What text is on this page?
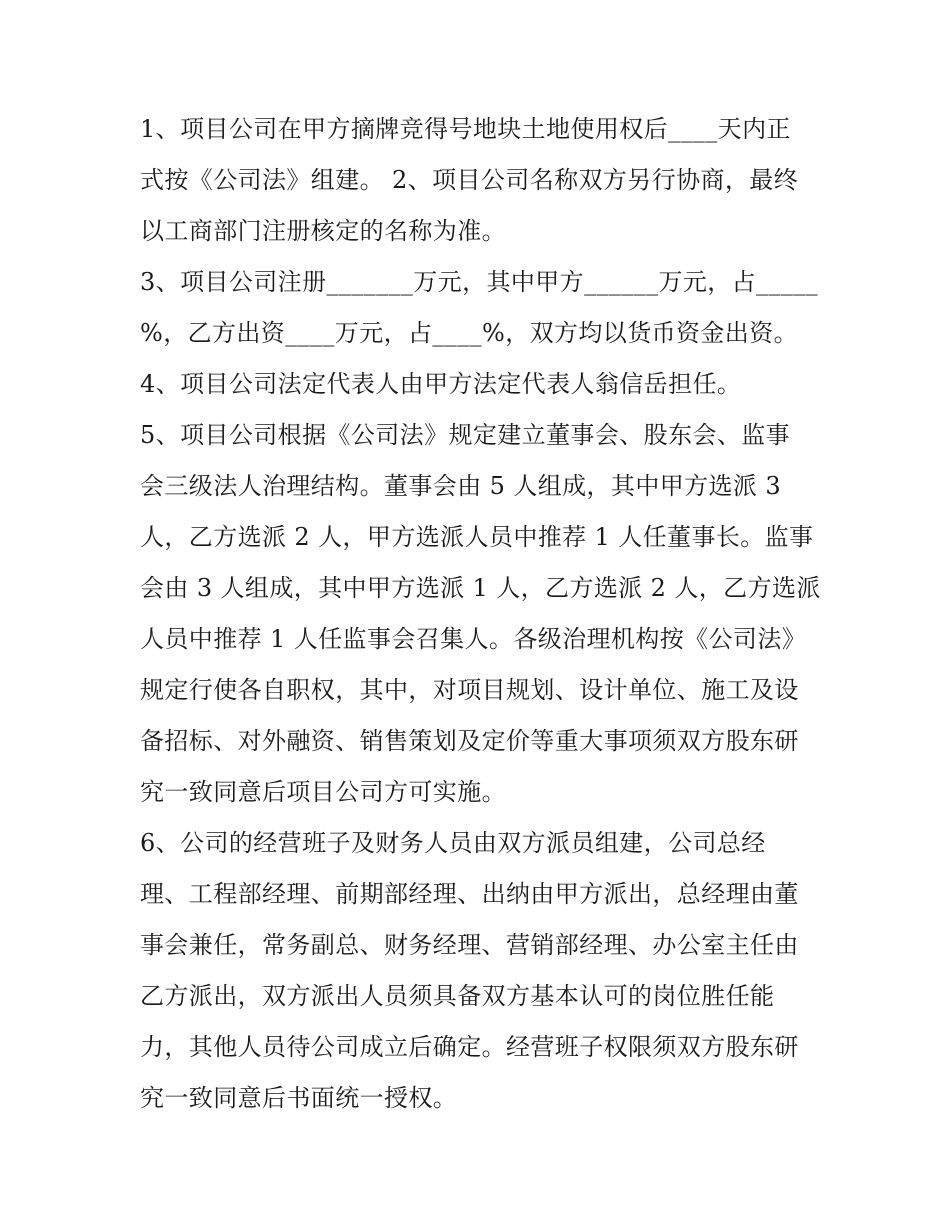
1、项目公司在甲方摘牌竞得号地块土地使用权后____天内正
式按《公司法》组建。 2、项目公司名称双方另行协商，最终
以工商部门注册核定的名称为准。
3、项目公司注册_______万元，其中甲方______万元，占_____
%，乙方出资____万元，占____%，双方均以货币资金出资。
4、项目公司法定代表人由甲方法定代表人翁信岳担任。
5、项目公司根据《公司法》规定建立董事会、股东会、监事
会三级法人治理结构。董事会由 5 人组成，其中甲方选派 3
人，乙方选派 2 人，甲方选派人员中推荐 1 人任董事长。监事
会由 3 人组成，其中甲方选派 1 人，乙方选派 2 人，乙方选派
人员中推荐 1 人任监事会召集人。各级治理机构按《公司法》
规定行使各自职权，其中，对项目规划、设计单位、施工及设
备招标、对外融资、销售策划及定价等重大事项须双方股东研
究一致同意后项目公司方可实施。
6、公司的经营班子及财务人员由双方派员组建，公司总经
理、工程部经理、前期部经理、出纳由甲方派出，总经理由董
事会兼任，常务副总、财务经理、营销部经理、办公室主任由
乙方派出，双方派出人员须具备双方基本认可的岗位胜任能
力，其他人员待公司成立后确定。经营班子权限须双方股东研
究一致同意后书面统一授权。
